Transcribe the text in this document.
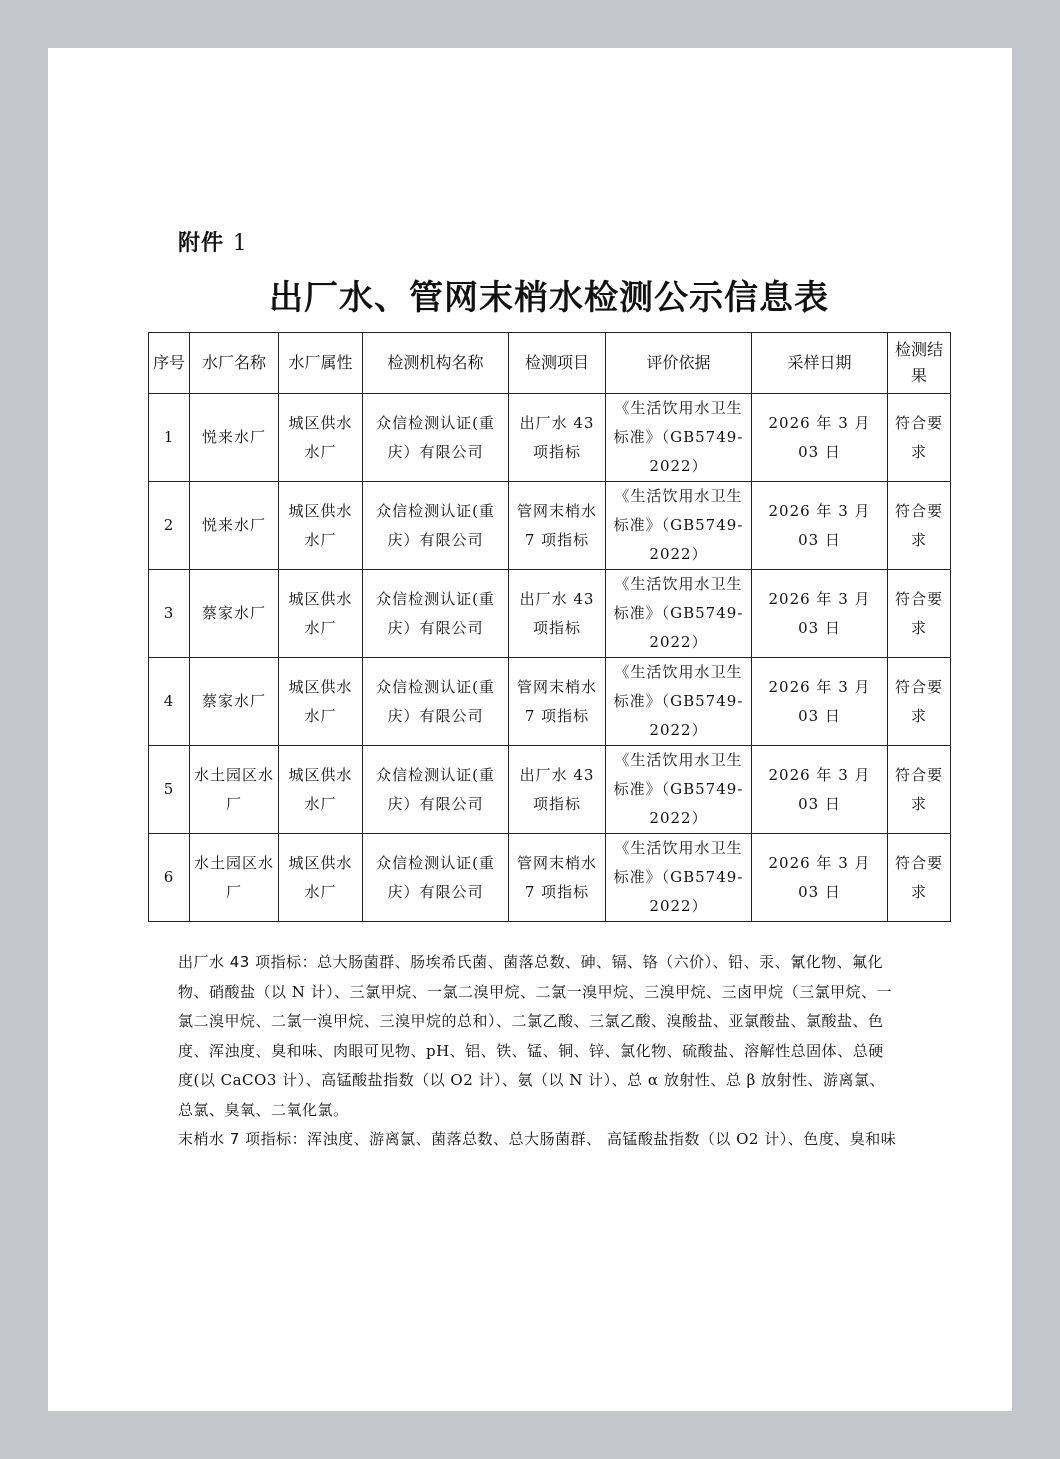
附件 1

出厂水、管网末梢水检测公示信息表
序号	水厂名称	水厂属性	检测机构名称	检测项目	评价依据	采样日期	检测结果
1	悦来水厂	城区供水水厂	众信检测认证(重庆）有限公司	出厂水 43 项指标	《生活饮用水卫生标准》（GB5749-2022）	2026 年 3 月 03 日	符合要求
2	悦来水厂	城区供水水厂	众信检测认证(重庆）有限公司	管网末梢水 7 项指标	《生活饮用水卫生标准》（GB5749-2022）	2026 年 3 月 03 日	符合要求
3	蔡家水厂	城区供水水厂	众信检测认证(重庆）有限公司	出厂水 43 项指标	《生活饮用水卫生标准》（GB5749-2022）	2026 年 3 月 03 日	符合要求
4	蔡家水厂	城区供水水厂	众信检测认证(重庆）有限公司	管网末梢水 7 项指标	《生活饮用水卫生标准》（GB5749-2022）	2026 年 3 月 03 日	符合要求
5	水土园区水厂	城区供水水厂	众信检测认证(重庆）有限公司	出厂水 43 项指标	《生活饮用水卫生标准》（GB5749-2022）	2026 年 3 月 03 日	符合要求
6	水土园区水厂	城区供水水厂	众信检测认证(重庆）有限公司	管网末梢水 7 项指标	《生活饮用水卫生标准》（GB5749-2022）	2026 年 3 月 03 日	符合要求

出厂水 43 项指标：总大肠菌群、肠埃希氏菌、菌落总数、砷、镉、铬（六价）、铅、汞、氰化物、氟化物、硝酸盐（以 N 计）、三氯甲烷、一氯二溴甲烷、二氯一溴甲烷、三溴甲烷、三卤甲烷（三氯甲烷、一氯二溴甲烷、二氯一溴甲烷、三溴甲烷的总和）、二氯乙酸、三氯乙酸、溴酸盐、亚氯酸盐、氯酸盐、色度、浑浊度、臭和味、肉眼可见物、pH、铝、铁、锰、铜、锌、氯化物、硫酸盐、溶解性总固体、总硬度(以 CaCO3 计）、高锰酸盐指数（以 O2 计）、氨（以 N 计）、总 α 放射性、总 β 放射性、游离氯、总氯、臭氧、二氧化氯。

末梢水 7 项指标：浑浊度、游离氯、菌落总数、总大肠菌群、 高锰酸盐指数（以 O2 计）、色度、臭和味
